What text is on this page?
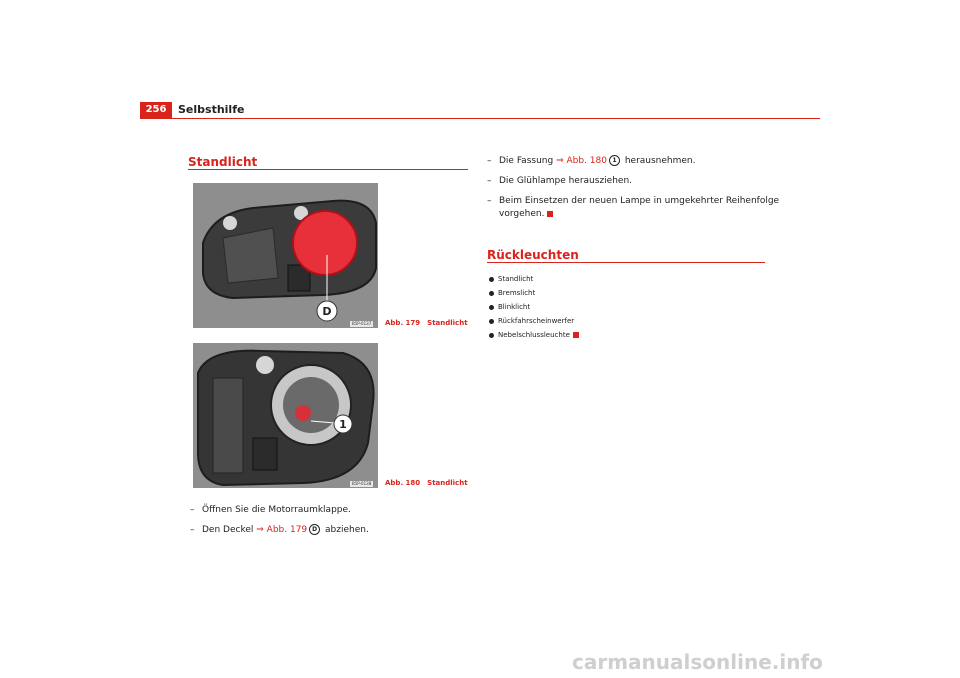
256	Selbsthilfe
Standlicht
D
B5P-0137 Abb. 179 Standlicht
1
B5P-0138 Abb. 180 Standlicht
– Öffnen Sie die Motorraumklappe.
– Den Deckel ⇒ Abb. 179 D abziehen.
– Die Fassung ⇒ Abb. 180 1 herausnehmen.
– Die Glühlampe herausziehen.
– Beim Einsetzen der neuen Lampe in umgekehrter Reihenfolge
vorgehen.
Rückleuchten
Standlicht
Bremslicht
Blinklicht
Rückfahrscheinwerfer
Nebelschlussleuchte
carmanualsonline.info
